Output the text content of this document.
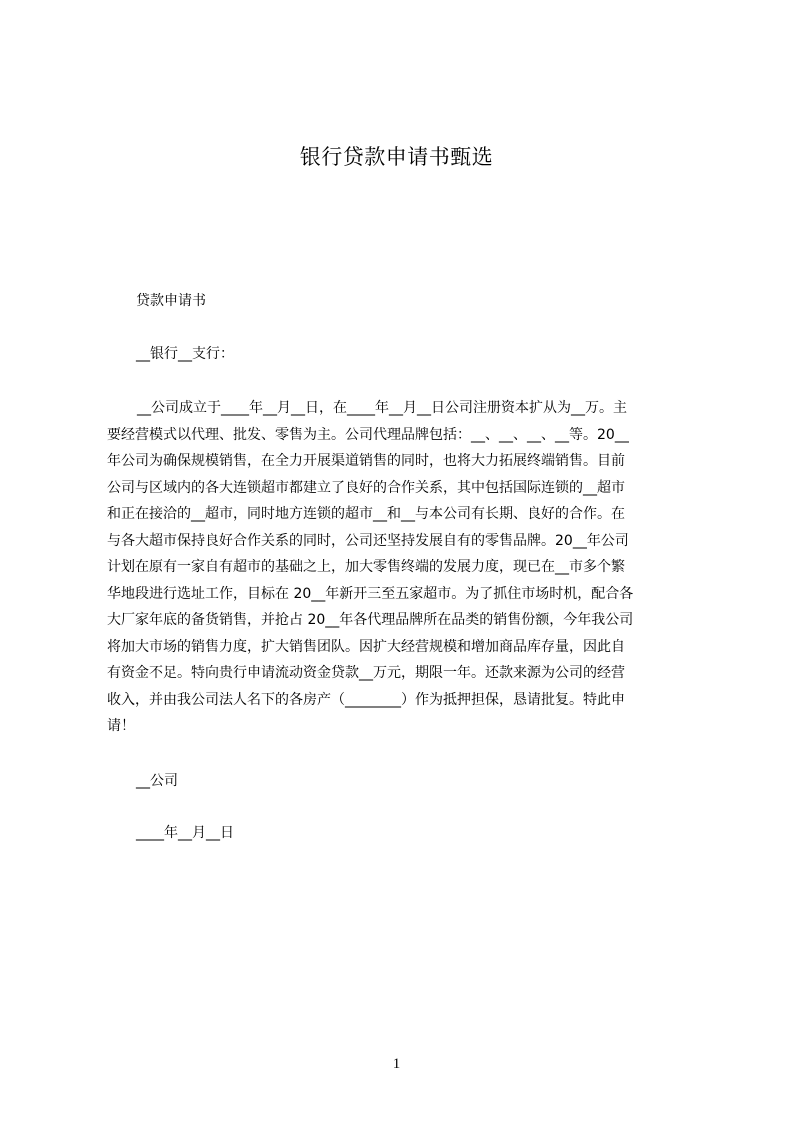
银行贷款申请书甄选
贷款申请书
__银行__支行：
__公司成立于____年__月__日，在____年__月__日公司注册资本扩从为__万。主
要经营模式以代理、批发、零售为主。公司代理品牌包括：__、__、__、__等。20__
年公司为确保规模销售，在全力开展渠道销售的同时，也将大力拓展终端销售。目前
公司与区域内的各大连锁超市都建立了良好的合作关系，其中包括国际连锁的__超市
和正在接洽的__超市，同时地方连锁的超市__和__与本公司有长期、良好的合作。在
与各大超市保持良好合作关系的同时，公司还坚持发展自有的零售品牌。20__年公司
计划在原有一家自有超市的基础之上，加大零售终端的发展力度，现已在__市多个繁
华地段进行选址工作，目标在 20__年新开三至五家超市。为了抓住市场时机，配合各
大厂家年底的备货销售，并抢占 20__年各代理品牌所在品类的销售份额，今年我公司
将加大市场的销售力度，扩大销售团队。因扩大经营规模和增加商品库存量，因此自
有资金不足。特向贵行申请流动资金贷款__万元，期限一年。还款来源为公司的经营
收入，并由我公司法人名下的各房产（________）作为抵押担保，恳请批复。特此申
请！
__公司
____年__月__日
1
